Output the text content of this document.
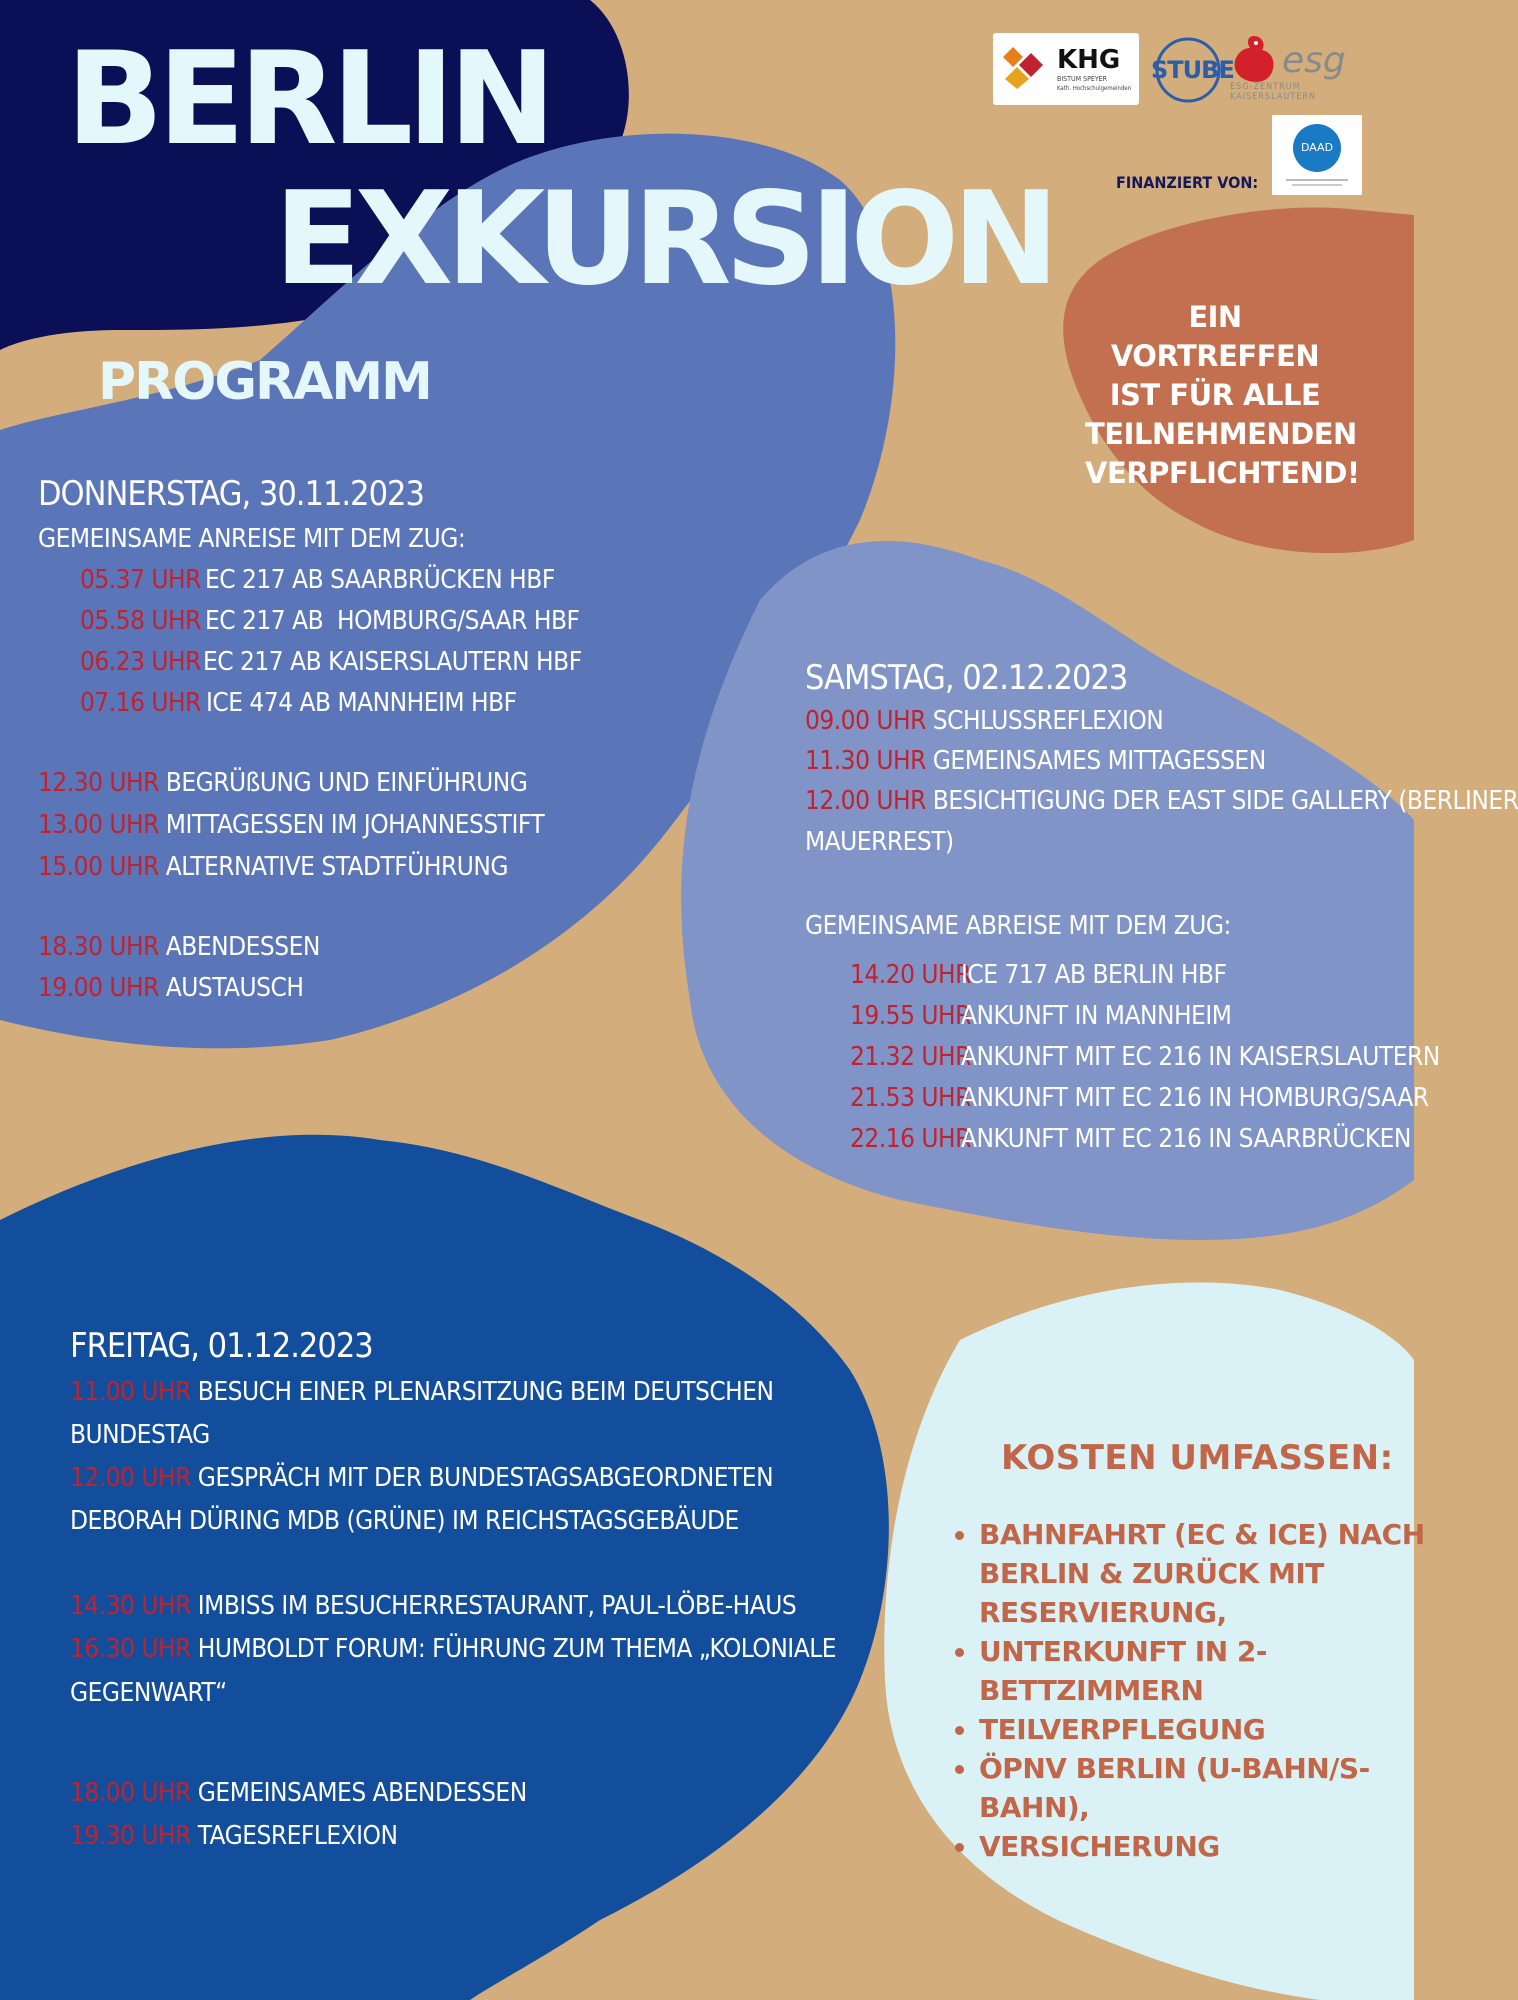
BERLIN
EXKURSION
PROGRAMM
KHG
BISTUM SPEYER
Kath. Hochschulgemeinden
STUBE esg
ESG-ZENTRUM
KAISERSLAUTERN
FINANZIERT VON:
DAAD
EIN VORTREFFEN IST FÜR ALLE TEILNEHMENDEN VERPFLICHTEND!
DONNERSTAG, 30.11.2023
GEMEINSAME ANREISE MIT DEM ZUG:
05.37 UHR EC 217 AB SAARBRÜCKEN HBF
05.58 UHR EC 217 AB  HOMBURG/SAAR HBF
06.23 UHREC 217 AB KAISERSLAUTERN HBF
07.16 UHR ICE 474 AB MANNHEIM HBF
12.30 UHR BEGRÜßUNG UND EINFÜHRUNG
13.00 UHR MITTAGESSEN IM JOHANNESSTIFT
15.00 UHR ALTERNATIVE STADTFÜHRUNG
18.30 UHR ABENDESSEN
19.00 UHR AUSTAUSCH
SAMSTAG, 02.12.2023
09.00 UHR SCHLUSSREFLEXION
11.30 UHR GEMEINSAMES MITTAGESSEN
12.00 UHR BESICHTIGUNG DER EAST SIDE GALLERY (BERLINER
MAUERREST)
GEMEINSAME ABREISE MIT DEM ZUG:
14.20 UHRICE 717 AB BERLIN HBF
19.55 UHRANKUNFT IN MANNHEIM
21.32 UHRANKUNFT MIT EC 216 IN KAISERSLAUTERN
21.53 UHRANKUNFT MIT EC 216 IN HOMBURG/SAAR
22.16 UHRANKUNFT MIT EC 216 IN SAARBRÜCKEN
FREITAG, 01.12.2023
11.00 UHR BESUCH EINER PLENARSITZUNG BEIM DEUTSCHEN
BUNDESTAG
12.00 UHR GESPRÄCH MIT DER BUNDESTAGSABGEORDNETEN
DEBORAH DÜRING MDB (GRÜNE) IM REICHSTAGSGEBÄUDE
14.30 UHR IMBISS IM BESUCHERRESTAURANT, PAUL-LÖBE-HAUS
16.30 UHR HUMBOLDT FORUM: FÜHRUNG ZUM THEMA „KOLONIALE
GEGENWART“
18.00 UHR GEMEINSAMES ABENDESSEN
19.30 UHR TAGESREFLEXION
KOSTEN UMFASSEN:
• BAHNFAHRT (EC & ICE) NACH BERLIN & ZURÜCK MIT RESERVIERUNG,
• UNTERKUNFT IN 2-BETTZIMMERN
• TEILVERPFLEGUNG
• ÖPNV BERLIN (U-BAHN/S-BAHN),
• VERSICHERUNG
